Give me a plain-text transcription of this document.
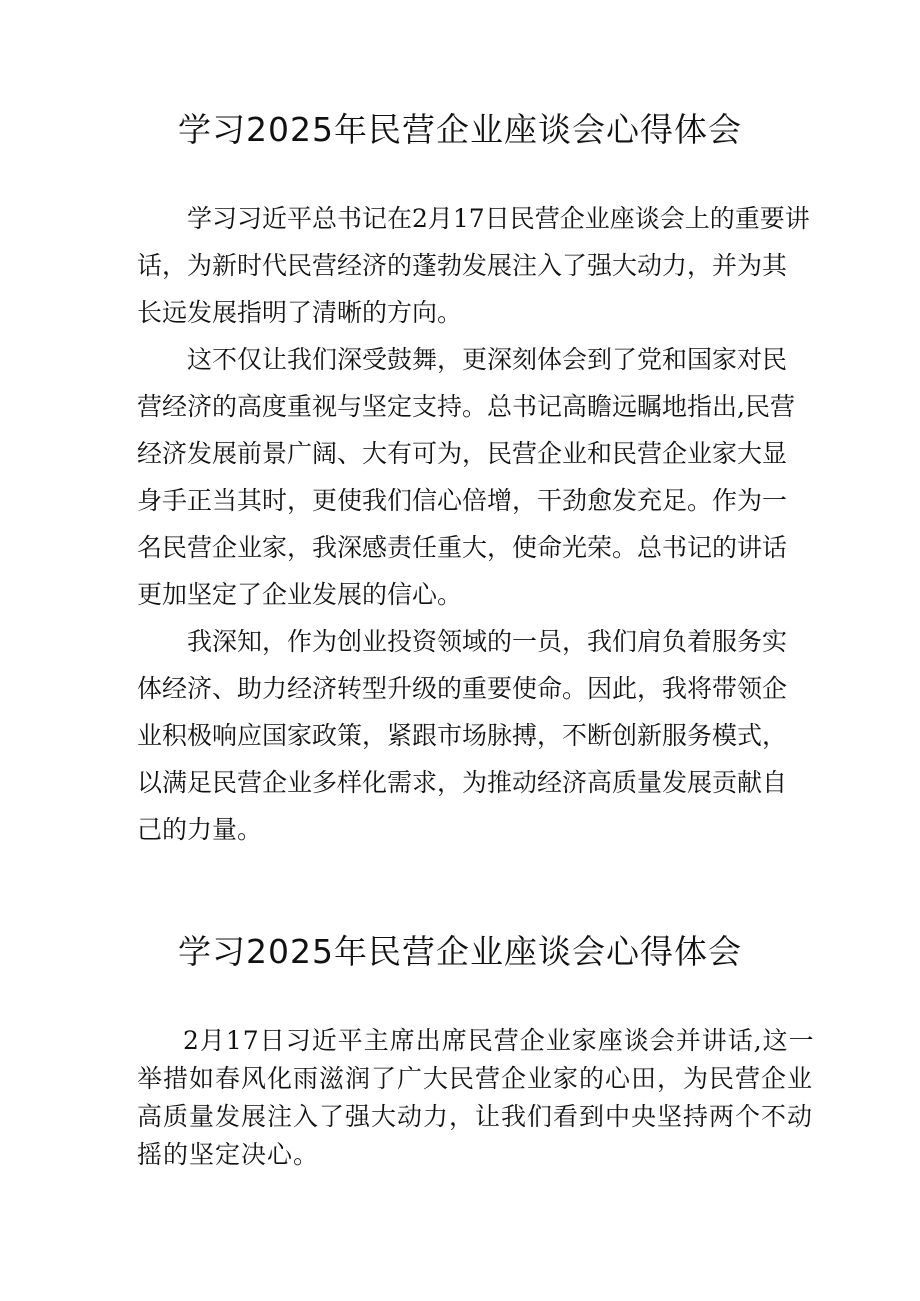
学习2025年民营企业座谈会心得体会

学习习近平总书记在2月17日民营企业座谈会上的重要讲
话，为新时代民营经济的蓬勃发展注入了强大动力，并为其
长远发展指明了清晰的方向。

这不仅让我们深受鼓舞，更深刻体会到了党和国家对民
营经济的高度重视与坚定支持。总书记高瞻远瞩地指出,民营
经济发展前景广阔、大有可为，民营企业和民营企业家大显
身手正当其时，更使我们信心倍增，干劲愈发充足。作为一
名民营企业家，我深感责任重大，使命光荣。总书记的讲话
更加坚定了企业发展的信心。

我深知，作为创业投资领域的一员，我们肩负着服务实
体经济、助力经济转型升级的重要使命。因此，我将带领企
业积极响应国家政策，紧跟市场脉搏，不断创新服务模式，
以满足民营企业多样化需求，为推动经济高质量发展贡献自
己的力量。

学习2025年民营企业座谈会心得体会

2月17日习近平主席出席民营企业家座谈会并讲话,这一
举措如春风化雨滋润了广大民营企业家的心田，为民营企业
高质量发展注入了强大动力，让我们看到中央坚持两个不动
摇的坚定决心。
